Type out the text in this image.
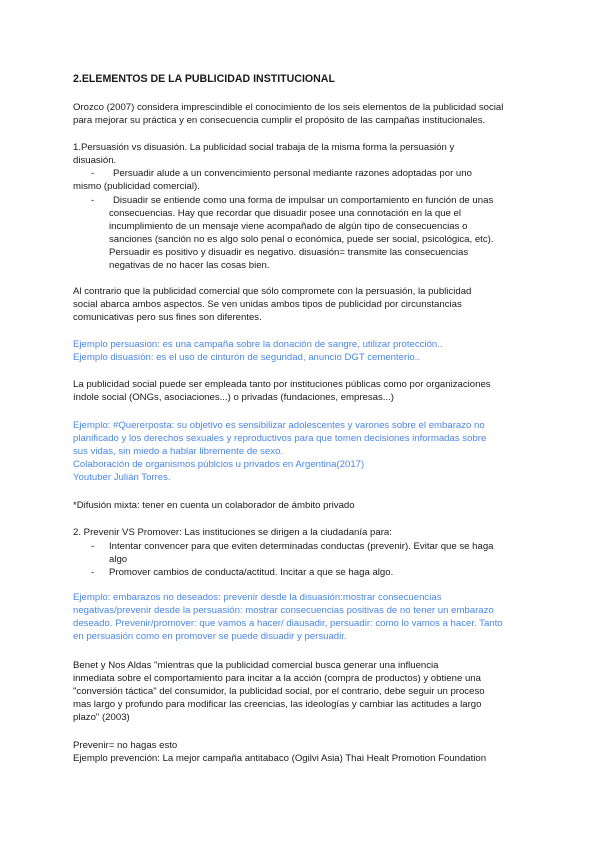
2.ELEMENTOS DE LA PUBLICIDAD INSTITUCIONAL
Orozco (2007) considera imprescindible el conocimiento de los seis elementos de la publicidad social
para mejorar su práctica y en consecuencia cumplir el propósito de las campañas institucionales.
1.Persuasión vs disuasión. La publicidad social trabaja de la misma forma la persuasión y
disuasión.
- Persuadir alude a un convencimiento personal mediante razones adoptadas por uno
mismo (publicidad comercial).
- Disuadir se entiende como una forma de impulsar un comportamiento en función de unas
consecuencias. Hay que recordar que disuadir posee una connotación en la que el
incumplimiento de un mensaje viene acompañado de algún tipo de consecuencias o
sanciones (sanción no es algo solo penal o económica, puede ser social, psicológica, etc).
Persuadir es positivo y disuadir es negativo. disuasión= transmite las consecuencias
negativas de no hacer las cosas bien.
Al contrario que la publicidad comercial que sólo compromete con la persuasión, la publicidad
social abarca ambos aspectos. Se ven unidas ambos tipos de publicidad por circunstancias
comunicativas pero sus fines son diferentes.
Ejemplo persuasion: es una campaña sobre la donación de sangre, utilizar protección..
Ejemplo disuasión: es el uso de cinturón de seguridad, anuncio DGT cementerio..
La publicidad social puede ser empleada tanto por instituciones públicas como por organizaciones
índole social (ONGs, asociaciones...) o privadas (fundaciones, empresas...)
Ejemplo: #Quererposta: su objetivo es sensibilizar adolescentes y varones sobre el embarazo no
planificado y los derechos sexuales y reproductivos para que tomen decisiones informadas sobre
sus vidas, sin miedo a hablar libremente de sexo.
Colaboración de organismos públcios u privados en Argentina(2017)
Youtuber Julián Torres.
*Difusión mixta: tener en cuenta un colaborador de ámbito privado
2. Prevenir VS Promover: Las instituciones se dirigen a la ciudadanía para:
- Intentar convencer para que eviten determinadas conductas (prevenir). Evitar que se haga
algo
- Promover cambios de conducta/actitud. Incitar a que se haga algo.
Ejemplo: embarazos no deseados: prevenir desde la disuasión:mostrar consecuencias
negativas/prevenir desde la persuasión: mostrar consecuencias positivas de no tener un embarazo
deseado. Prevenir/promover: que vamos a hacer/ diausadir, persuadir: como lo vamos a hacer. Tanto
en persuasión como en promover se puede disuadir y persuadir.
Benet y Nos Aldas "mientras que la publicidad comercial busca generar una influencia
inmediata sobre el comportamiento para incitar a la acción (compra de productos) y obtiene una
"conversión táctica" del consumidor, la publicidad social, por el contrario, debe seguir un proceso
mas largo y profundo para modificar las creencias, las ideologías y cambiar las actitudes a largo
plazo" (2003)
Prevenir= no hagas esto
Ejemplo prevención: La mejor campaña antitabaco (Ogilvi Asia) Thai Healt Promotion Foundation
